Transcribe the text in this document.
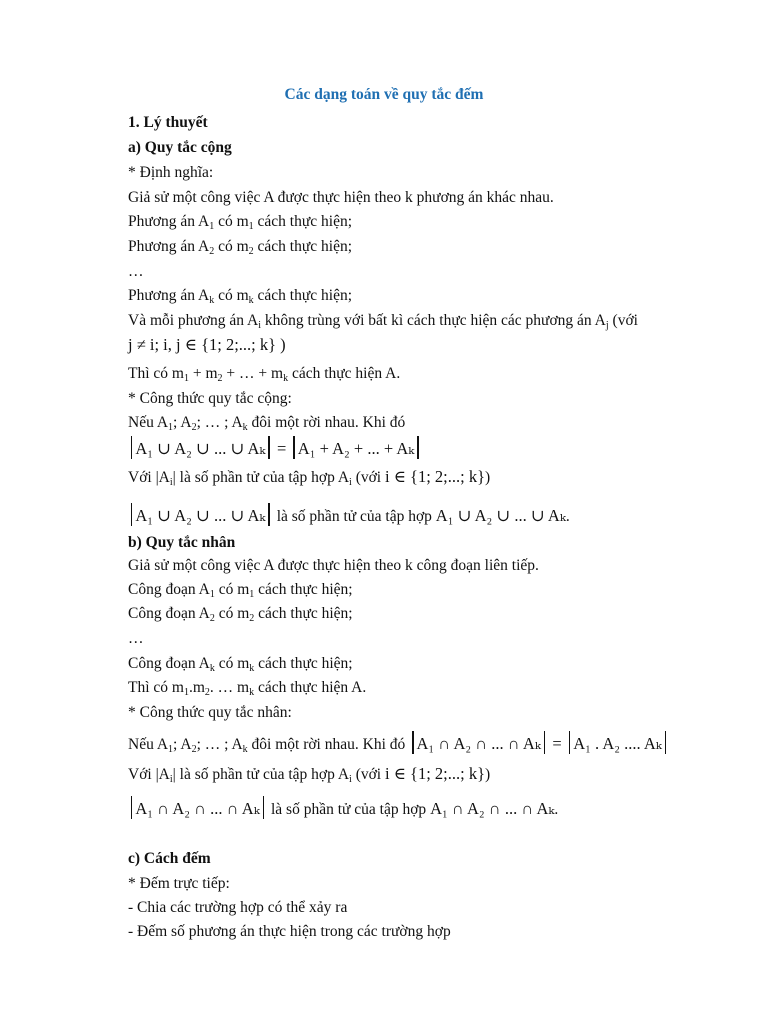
Các dạng toán về quy tắc đếm
1. Lý thuyết
a) Quy tắc cộng
* Định nghĩa:
Giả sử một công việc A được thực hiện theo k phương án khác nhau.
Phương án $A_1$ có $m_1$ cách thực hiện;
Phương án $A_2$ có $m_2$ cách thực hiện;
…
Phương án $A_k$ có $m_k$ cách thực hiện;
Và mỗi phương án $A_i$ không trùng với bất kì cách thực hiện các phương án $A_j$ (với
j ≠ i; i, j ∈ {1; 2;...; k} )
Thì có $m_1 + m_2$ + … + $m_k$ cách thực hiện A.
* Công thức quy tắc cộng:
Nếu $A_1$; $A_2$; … ; $A_k$ đôi một rời nhau. Khi đó
A₁ ∪ A₂ ∪ ... ∪ Aₖ = A₁ + A₂ + ... + Aₖ
Với $|A_i|$ là số phần tử của tập hợp $A_i$ (với i ∈ {1; 2;...; k})
A₁ ∪ A₂ ∪ ... ∪ Aₖ là số phần tử của tập hợp A₁ ∪ A₂ ∪ ... ∪ Aₖ.
b) Quy tắc nhân
Giả sử một công việc A được thực hiện theo k công đoạn liên tiếp.
Công đoạn $A_1$ có $m_1$ cách thực hiện;
Công đoạn $A_2$ có $m_2$ cách thực hiện;
…
Công đoạn $A_k$ có $m_k$ cách thực hiện;
Thì có $m_1.m_2$. … $m_k$ cách thực hiện A.
* Công thức quy tắc nhân:
Nếu $A_1$; $A_2$; … ; $A_k$ đôi một rời nhau. Khi đó A₁ ∩ A₂ ∩ ... ∩ Aₖ = A₁ . A₂ .... Aₖ
Với $|A_i|$ là số phần tử của tập hợp $A_i$ (với i ∈ {1; 2;...; k})
A₁ ∩ A₂ ∩ ... ∩ Aₖ là số phần tử của tập hợp A₁ ∩ A₂ ∩ ... ∩ Aₖ.
c) Cách đếm
* Đếm trực tiếp:
- Chia các trường hợp có thể xảy ra
- Đếm số phương án thực hiện trong các trường hợp
